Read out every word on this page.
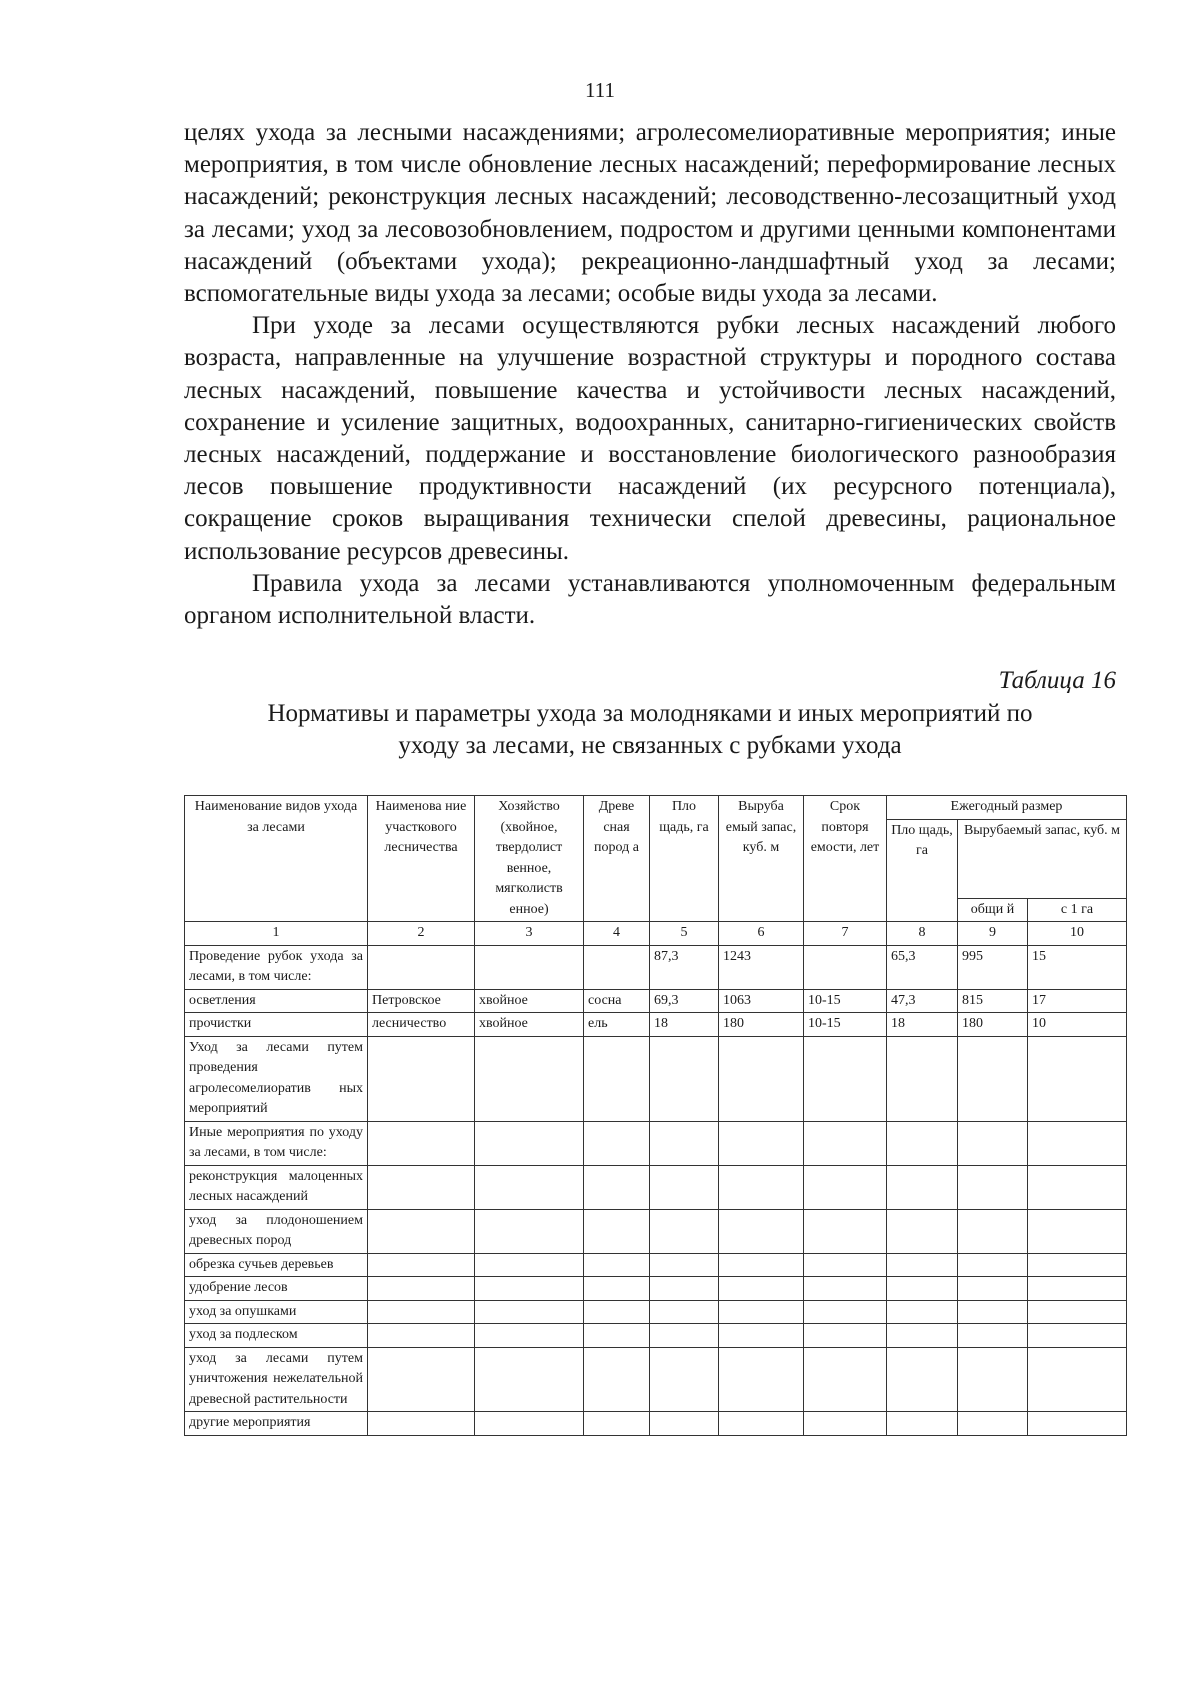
111

целях ухода за лесными насаждениями; агролесомелиоративные мероприятия; иные мероприятия, в том числе обновление лесных насаждений; переформирование лесных насаждений; реконструкция лесных насаждений; лесоводственно-лесозащитный уход за лесами; уход за лесовозобновлением, подростом и другими ценными компонентами насаждений (объектами ухода); рекреационно-ландшафтный уход за лесами; вспомогательные виды ухода за лесами; особые виды ухода за лесами.

При уходе за лесами осуществляются рубки лесных насаждений любого возраста, направленные на улучшение возрастной структуры и породного состава лесных насаждений, повышение качества и устойчивости лесных насаждений, сохранение и усиление защитных, водоохранных, санитарно-гигиенических свойств лесных насаждений, поддержание и восстановление биологического разнообразия лесов повышение продуктивности насаждений (их ресурсного потенциала), сокращение сроков выращивания технически спелой древесины, рациональное использование ресурсов древесины.

Правила ухода за лесами устанавливаются уполномоченным федеральным органом исполнительной власти.

Таблица 16
Нормативы и параметры ухода за молодняками и иных мероприятий по
уходу за лесами, не связанных с рубками ухода
Наименование видов ухода за лесами	Наименова ние участкового лесничества	Хозяйство (хвойное, твердолист венное, мягколиств енное)	Древе сная пород а	Пло щадь, га	Выруба емый запас, куб. м	Срок повторя емости, лет	Ежегодный размер		
							Пло щадь, га	Вырубаемый запас, куб. м	
								общи й	с 1 га
1	2	3	4	5	6	7	8	9	10
Проведение рубок ухода за лесами, в том числе:				87,3	1243		65,3	995	15
осветления	Петровское	хвойное	сосна	69,3	1063	10-15	47,3	815	17
прочистки	лесничество	хвойное	ель	18	180	10-15	18	180	10
Уход за лесами путем проведения агролесомелиоратив ных мероприятий									
Иные мероприятия по уходу за лесами, в том числе:									
реконструкция малоценных лесных насаждений									
уход за плодоношением древесных пород									
обрезка сучьев деревьев									
удобрение лесов									
уход за опушками									
уход за подлеском									
уход за лесами путем уничтожения нежелательной древесной растительности									
другие мероприятия									
